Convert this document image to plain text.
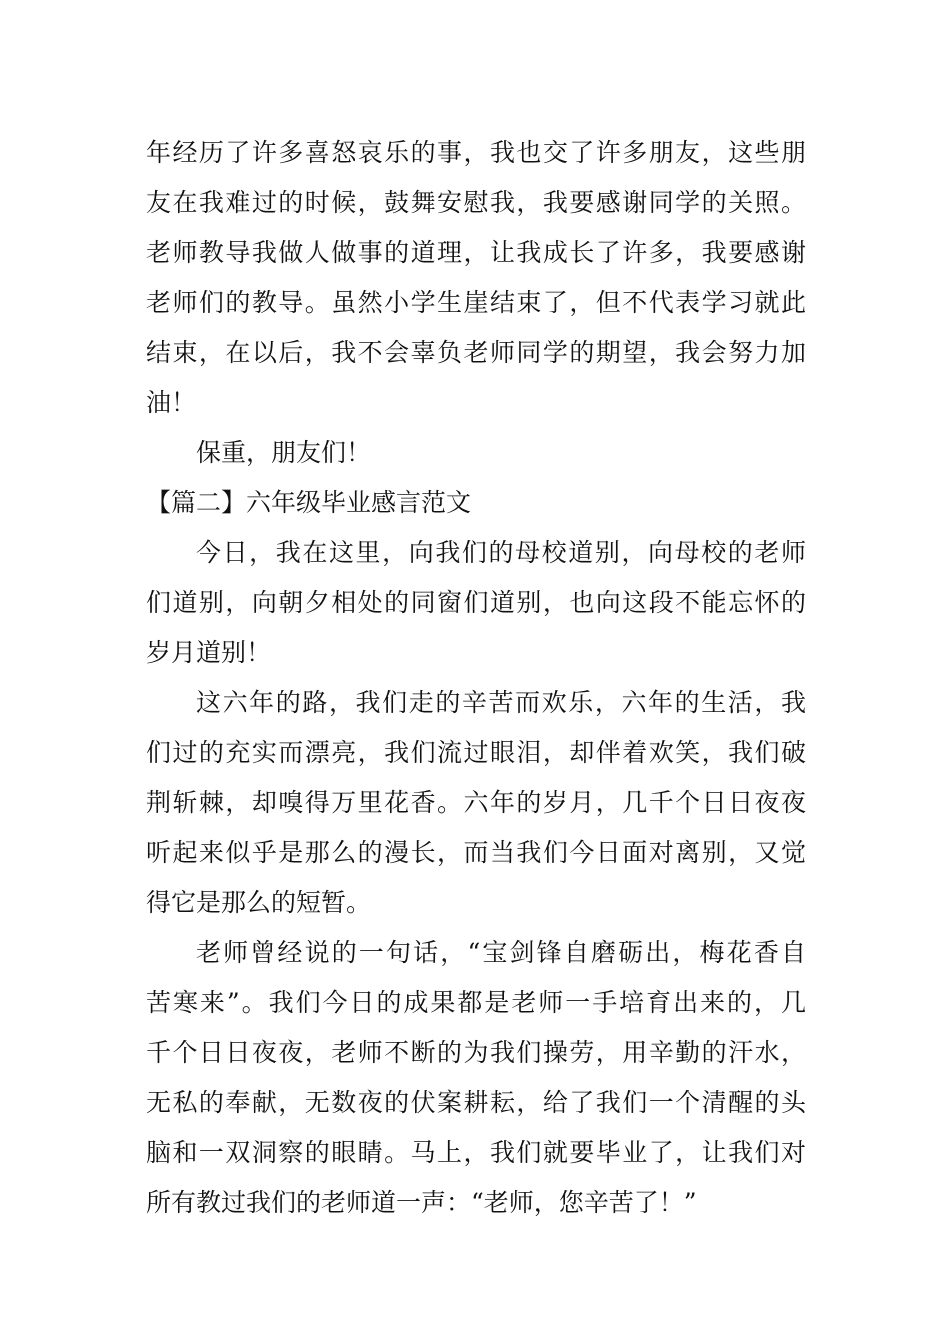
年经历了许多喜怒哀乐的事，我也交了许多朋友，这些朋
友在我难过的时候，鼓舞安慰我，我要感谢同学的关照。
老师教导我做人做事的道理，让我成长了许多，我要感谢
老师们的教导。虽然小学生崖结束了，但不代表学习就此
结束，在以后，我不会辜负老师同学的期望，我会努力加
油！
保重，朋友们！
【篇二】六年级毕业感言范文
今日，我在这里，向我们的母校道别，向母校的老师
们道别，向朝夕相处的同窗们道别，也向这段不能忘怀的
岁月道别！
这六年的路，我们走的辛苦而欢乐，六年的生活，我
们过的充实而漂亮，我们流过眼泪，却伴着欢笑，我们破
荆斩棘，却嗅得万里花香。六年的岁月，几千个日日夜夜
听起来似乎是那么的漫长，而当我们今日面对离别，又觉
得它是那么的短暂。
老师曾经说的一句话，“宝剑锋自磨砺出，梅花香自
苦寒来”。我们今日的成果都是老师一手培育出来的，几
千个日日夜夜，老师不断的为我们操劳，用辛勤的汗水，
无私的奉献，无数夜的伏案耕耘，给了我们一个清醒的头
脑和一双洞察的眼睛。马上，我们就要毕业了，让我们对
所有教过我们的老师道一声：“老师，您辛苦了！”
